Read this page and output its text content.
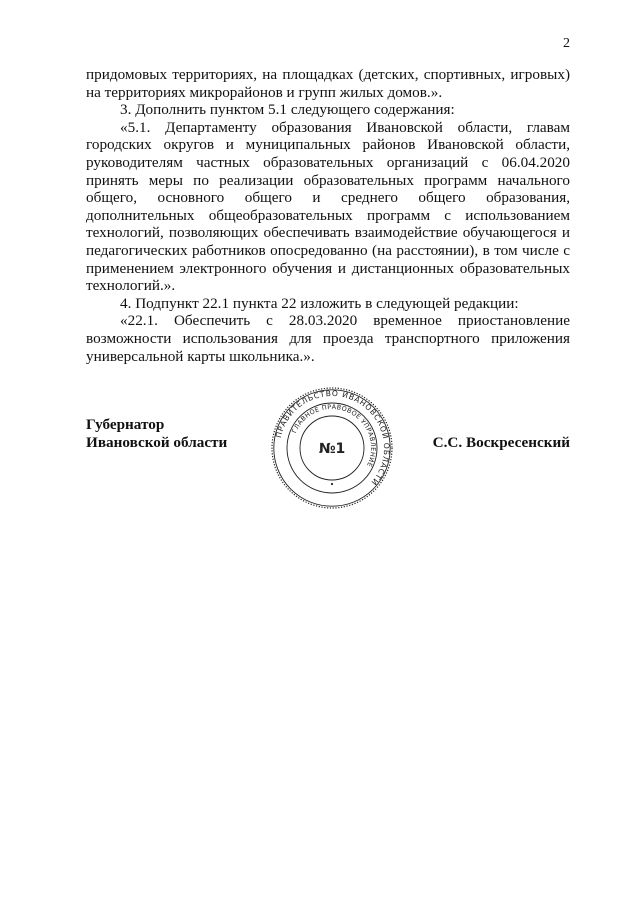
2

придомовых территориях, на площадках (детских, спортивных, игровых) на территориях микрорайонов и групп жилых домов.».

3. Дополнить пунктом 5.1 следующего содержания:

«5.1. Департаменту образования Ивановской области, главам городских округов и муниципальных районов Ивановской области, руководителям частных образовательных организаций с 06.04.2020 принять меры по реализации образовательных программ начального общего, основного общего и среднего общего образования, дополнительных общеобразовательных программ с использованием технологий, позволяющих обеспечивать взаимодействие обучающегося и педагогических работников опосредованно (на расстоянии), в том числе с применением электронного обучения и дистанционных образовательных технологий.».

4. Подпункт 22.1 пункта 22 изложить в следующей редакции:

«22.1. Обеспечить с 28.03.2020 временное приостановление возможности использования для проезда транспортного приложения универсальной карты школьника.».

Губернатор
Ивановской области	ПРАВИТЕЛЬСТВО ИВАНОВСКОЙ ОБЛАСТИ
ГЛАВНОЕ ПРАВОВОЕ УПРАВЛЕНИЕ
№1	С.С. Воскресенский
